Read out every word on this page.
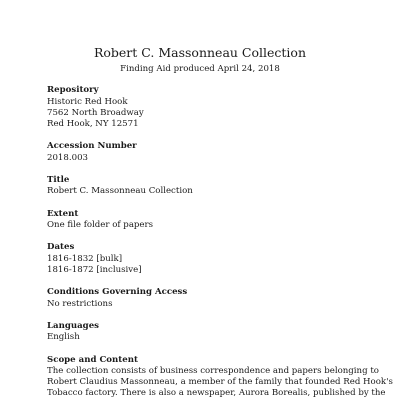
Robert C. Massonneau Collection
Finding Aid produced April 24, 2018
Repository
Historic Red Hook
7562 North Broadway
Red Hook, NY 12571
Accession Number
2018.003
Title
Robert C. Massonneau Collection
Extent
One file folder of papers
Dates
1816-1832 [bulk]
1816-1872 [inclusive]
Conditions Governing Access
No restrictions
Languages
English
Scope and Content
The collection consists of business correspondence and papers belonging to
Robert Claudius Massonneau, a member of the family that founded Red Hook's
Tobacco factory. There is also a newspaper, Aurora Borealis, published by the
